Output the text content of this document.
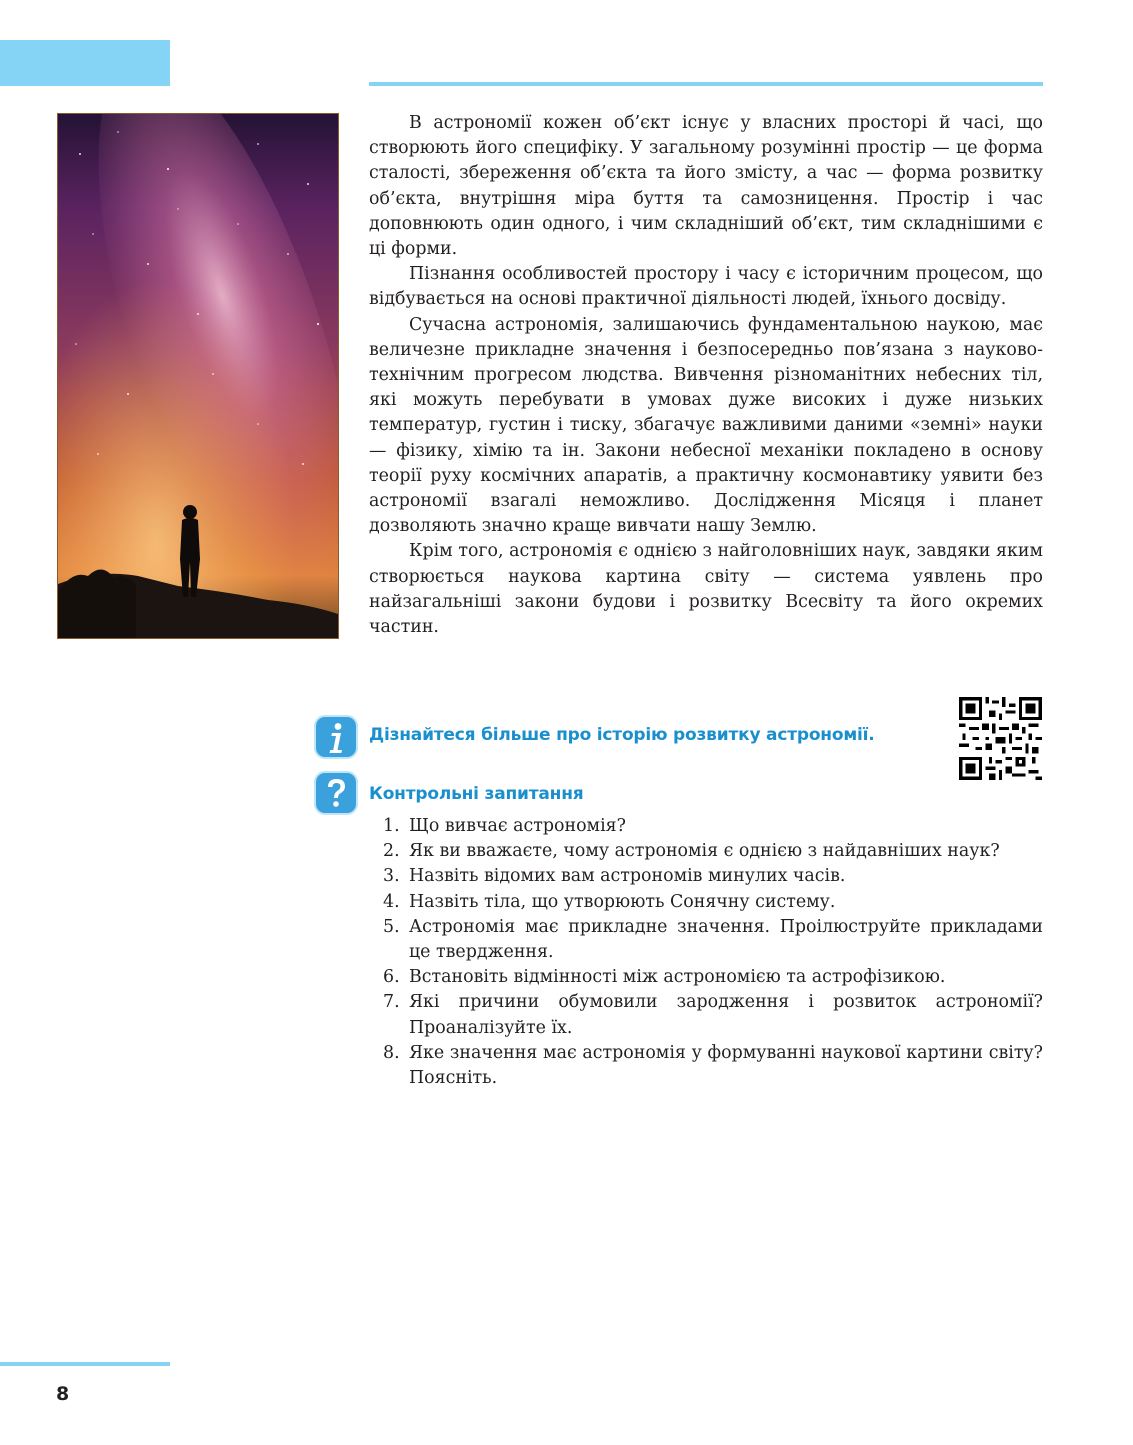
В астрономії кожен об’єкт існує у власних просторі й часі, що створюють його специфіку. У загальному розумінні простір — це форма сталості, збереження об’єкта та його змісту, а час — форма розвитку об’єкта, внутрішня міра буття та самозницення. Простір і час доповнюють один одного, і чим складніший об’єкт, тим складнішими є ці форми.

Пізнання особливостей простору і часу є історичним процесом, що відбувається на основі практичної діяльності людей, їхнього досвіду.

Сучасна астрономія, залишаючись фундаментальною наукою, має величезне прикладне значення і безпосередньо пов’язана з науково-технічним прогресом людства. Вивчення різноманітних небесних тіл, які можуть перебувати в умовах дуже високих і дуже низьких температур, густин і тиску, збагачує важливими даними «земні» науки — фізику, хімію та ін. Закони небесної механіки покладено в основу теорії руху космічних апаратів, а практичну космонавтику уявити без астрономії взагалі неможливо. Дослідження Місяця і планет дозволяють значно краще вивчати нашу Землю.

Крім того, астрономія є однією з найголовніших наук, завдяки яким створюється наукова картина світу — система уявлень про найзагальніші закони будови і розвитку Всесвіту та його окремих частин.

Дізнайтеся більше про історію розвитку астрономії.
Контрольні запитання
1. Що вивчає астрономія?
2. Як ви вважаєте, чому астрономія є однією з найдавніших наук?
3. Назвіть відомих вам астрономів минулих часів.
4. Назвіть тіла, що утворюють Сонячну систему.
5. Астрономія має прикладне значення. Проілюструйте прикладами це твердження.
6. Встановіть відмінності між астрономією та астрофізикою.
7. Які причини обумовили зародження і розвиток астрономії? Проаналізуйте їх.
8. Яке значення має астрономія у формуванні наукової картини світу? Поясніть.
8
